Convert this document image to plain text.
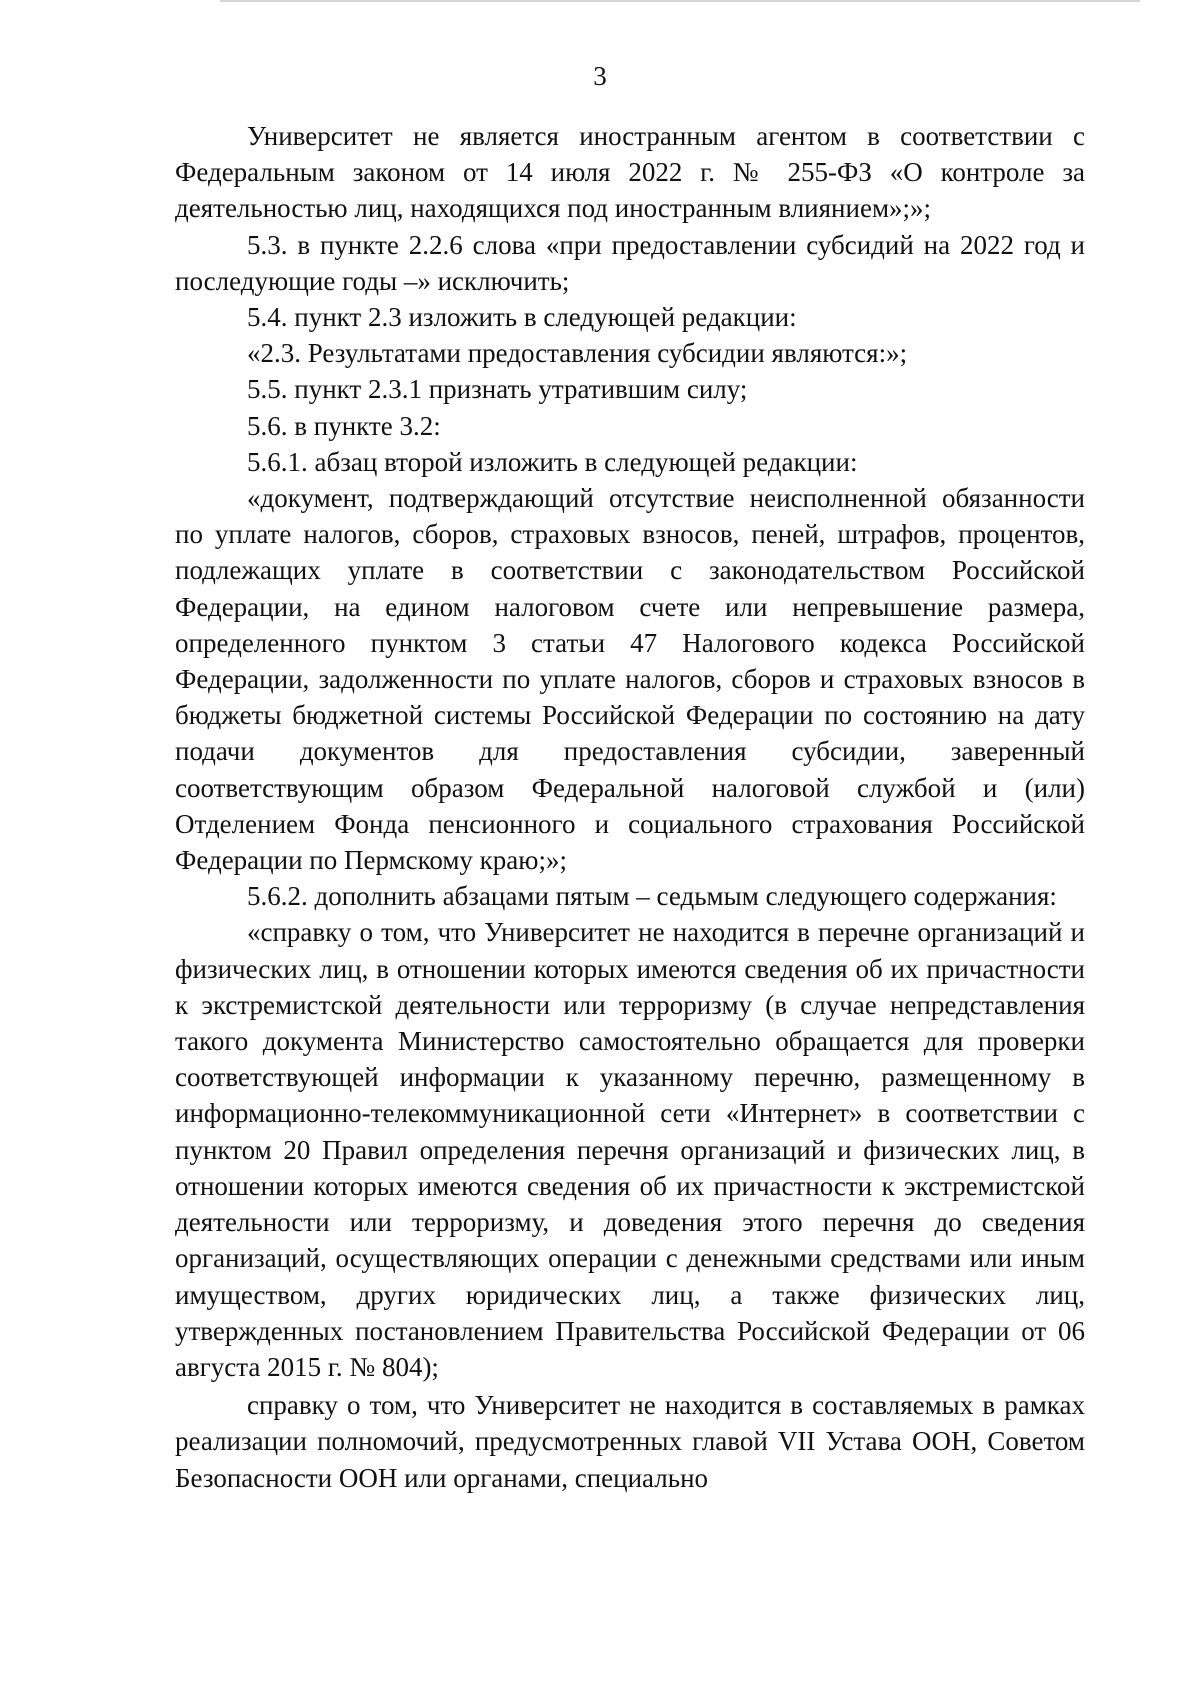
3

Университет не является иностранным агентом в соответствии с Федеральным законом от 14 июля 2022 г. № 255-ФЗ «О контроле за деятельностью лиц, находящихся под иностранным влиянием»;»;

5.3. в пункте 2.2.6 слова «при предоставлении субсидий на 2022 год и последующие годы –» исключить;

5.4. пункт 2.3 изложить в следующей редакции:

«2.3. Результатами предоставления субсидии являются:»;

5.5. пункт 2.3.1 признать утратившим силу;

5.6. в пункте 3.2:

5.6.1. абзац второй изложить в следующей редакции:

«документ, подтверждающий отсутствие неисполненной обязанности по уплате налогов, сборов, страховых взносов, пеней, штрафов, процентов, подлежащих уплате в соответствии с законодательством Российской Федерации, на едином налоговом счете или непревышение размера, определенного пунктом 3 статьи 47 Налогового кодекса Российской Федерации, задолженности по уплате налогов, сборов и страховых взносов в бюджеты бюджетной системы Российской Федерации по состоянию на дату подачи документов для предоставления субсидии, заверенный соответствующим образом Федеральной налоговой службой и (или) Отделением Фонда пенсионного и социального страхования Российской Федерации по Пермскому краю;»;

5.6.2. дополнить абзацами пятым – седьмым следующего содержания:

«справку о том, что Университет не находится в перечне организаций и физических лиц, в отношении которых имеются сведения об их причастности к экстремистской деятельности или терроризму (в случае непредставления такого документа Министерство самостоятельно обращается для проверки соответствующей информации к указанному перечню, размещенному в информационно-телекоммуникационной сети «Интернет» в соответствии с пунктом 20 Правил определения перечня организаций и физических лиц, в отношении которых имеются сведения об их причастности к экстремистской деятельности или терроризму, и доведения этого перечня до сведения организаций, осуществляющих операции с денежными средствами или иным имуществом, других юридических лиц, а также физических лиц, утвержденных постановлением Правительства Российской Федерации от 06 августа 2015 г. № 804);

справку о том, что Университет не находится в составляемых в рамках реализации полномочий, предусмотренных главой VII Устава ООН, Советом Безопасности ООН или органами, специально
